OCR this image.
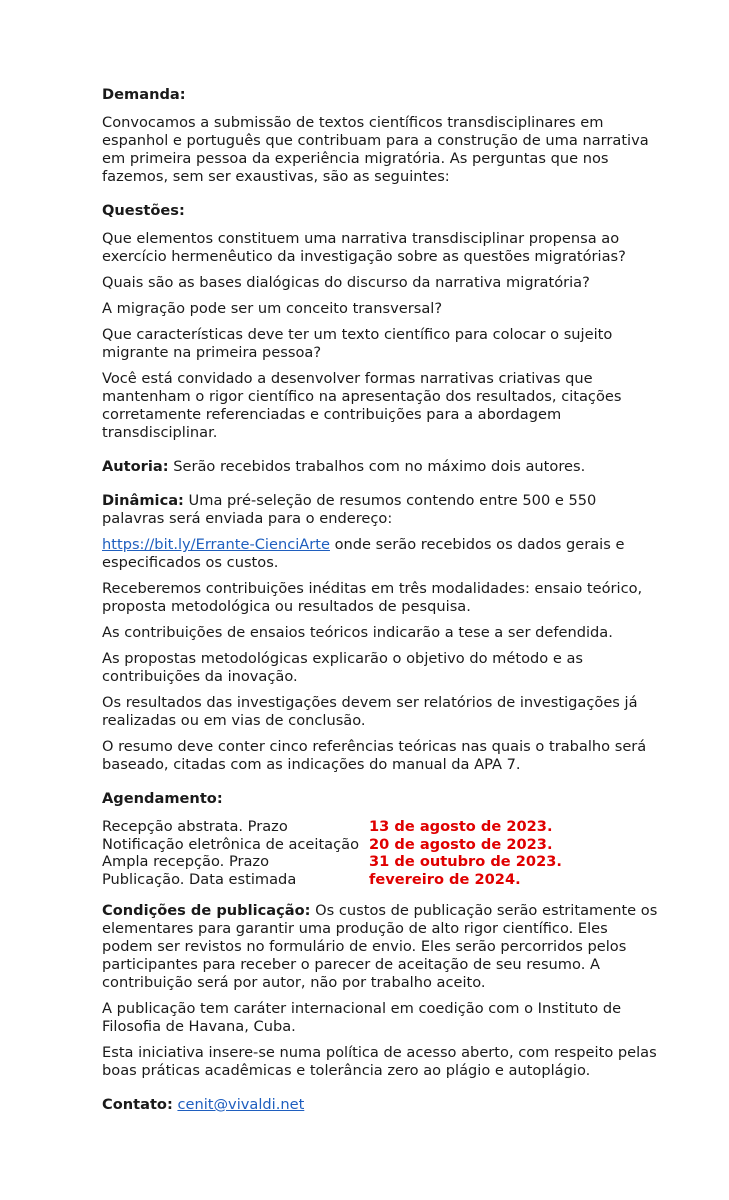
Demanda:

Convocamos a submissão de textos científicos transdisciplinares em espanhol e português que contribuam para a construção de uma narrativa em primeira pessoa da experiência migratória. As perguntas que nos fazemos, sem ser exaustivas, são as seguintes:

Questões:

Que elementos constituem uma narrativa transdisciplinar propensa ao exercício hermenêutico da investigação sobre as questões migratórias?

Quais são as bases dialógicas do discurso da narrativa migratória?

A migração pode ser um conceito transversal?

Que características deve ter um texto científico para colocar o sujeito migrante na primeira pessoa?

Você está convidado a desenvolver formas narrativas criativas que mantenham o rigor científico na apresentação dos resultados, citações corretamente referenciadas e contribuições para a abordagem transdisciplinar.

Autoria: Serão recebidos trabalhos com no máximo dois autores.

Dinâmica: Uma pré-seleção de resumos contendo entre 500 e 550 palavras será enviada para o endereço:

https://bit.ly/Errante-CienciArte onde serão recebidos os dados gerais e especificados os custos.

Receberemos contribuições inéditas em três modalidades: ensaio teórico, proposta metodológica ou resultados de pesquisa.

As contribuições de ensaios teóricos indicarão a tese a ser defendida.

As propostas metodológicas explicarão o objetivo do método e as contribuições da inovação.

Os resultados das investigações devem ser relatórios de investigações já realizadas ou em vias de conclusão.

O resumo deve conter cinco referências teóricas nas quais o trabalho será baseado, citadas com as indicações do manual da APA 7.

Agendamento:

Recepção abstrata. Prazo	13 de agosto de 2023.
Notificação eletrônica de aceitação	20 de agosto de 2023.
Ampla recepção. Prazo	31 de outubro de 2023.
Publicação. Data estimada	fevereiro de 2024.

Condições de publicação: Os custos de publicação serão estritamente os elementares para garantir uma produção de alto rigor científico. Eles podem ser revistos no formulário de envio. Eles serão percorridos pelos participantes para receber o parecer de aceitação de seu resumo. A contribuição será por autor, não por trabalho aceito.

A publicação tem caráter internacional em coedição com o Instituto de Filosofia de Havana, Cuba.

Esta iniciativa insere-se numa política de acesso aberto, com respeito pelas boas práticas acadêmicas e tolerância zero ao plágio e autoplágio.

Contato: cenit@vivaldi.net
